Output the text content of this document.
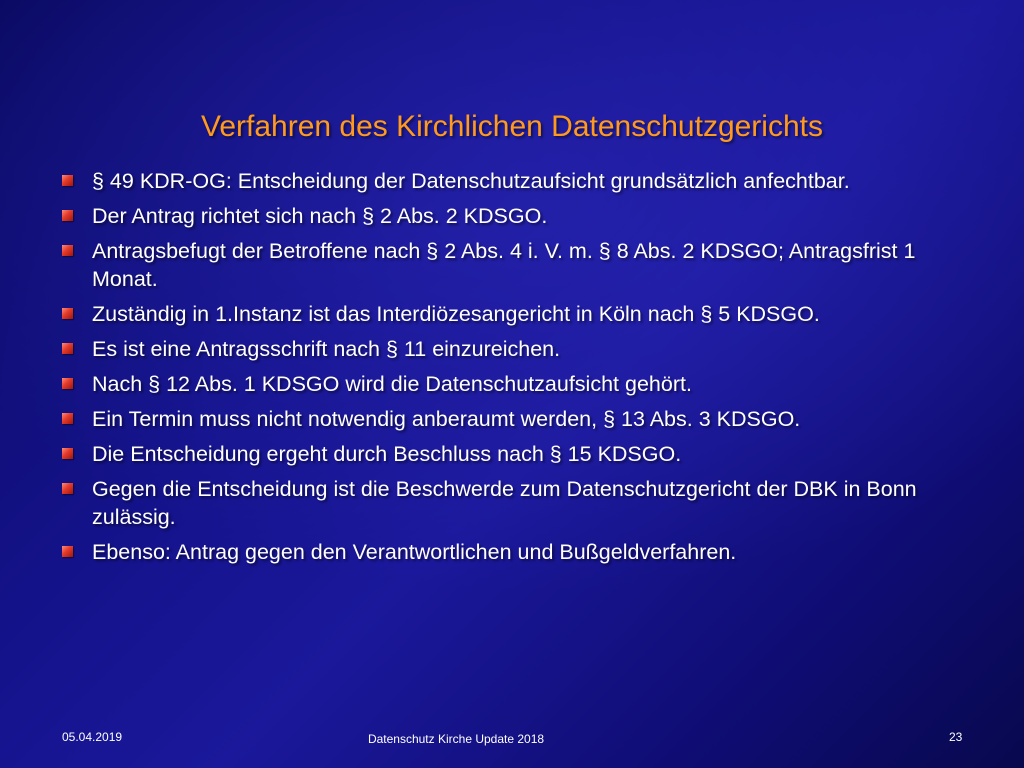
Verfahren des Kirchlichen Datenschutzgerichts
§ 49 KDR-OG: Entscheidung der Datenschutzaufsicht grundsätzlich anfechtbar.
Der Antrag richtet sich nach § 2 Abs. 2 KDSGO.
Antragsbefugt der Betroffene nach § 2 Abs. 4 i. V. m. § 8 Abs. 2 KDSGO; Antragsfrist 1 Monat.
Zuständig in 1.Instanz ist das Interdiözesangericht in Köln nach § 5 KDSGO.
Es ist eine Antragsschrift nach § 11 einzureichen.
Nach § 12 Abs. 1 KDSGO wird die Datenschutzaufsicht gehört.
Ein Termin muss nicht notwendig anberaumt werden, § 13 Abs. 3 KDSGO.
Die Entscheidung ergeht durch Beschluss nach § 15 KDSGO.
Gegen die Entscheidung ist die Beschwerde zum Datenschutzgericht der DBK in Bonn zulässig.
Ebenso: Antrag gegen den Verantwortlichen und Bußgeldverfahren.
05.04.2019	Datenschutz Kirche Update 2018	23
